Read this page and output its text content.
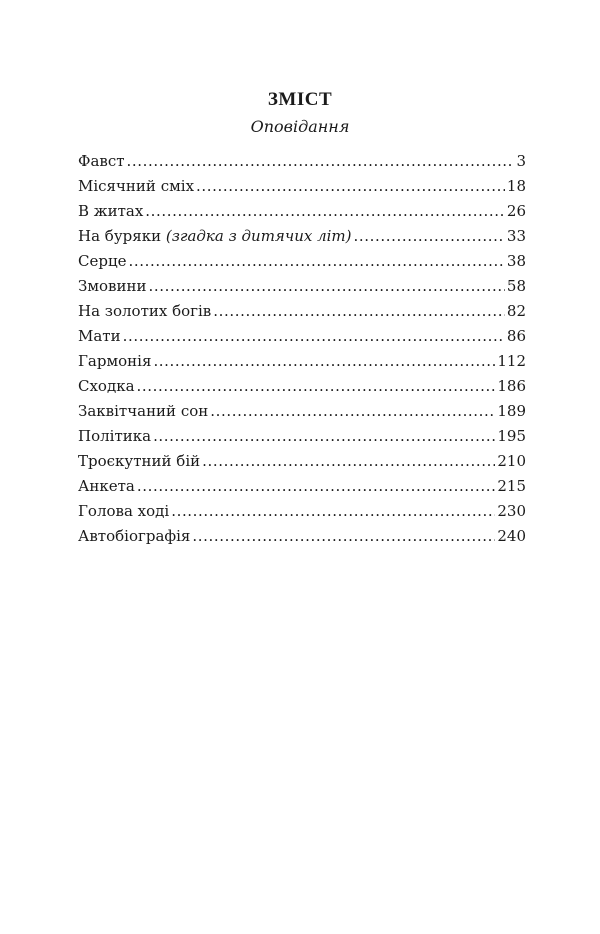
ЗМІСТ
Оповідання
Фавст .....	3
Місячний сміх .....	18
В житах .....	26
На буряки (згадка з дитячих літ) .....	33
Серце .....	38
Змовини .....	58
На золотих богів .....	82
Мати .....	86
Гармонія .....	112
Сходка .....	186
Заквітчаний сон .....	189
Політика .....	195
Троєкутний бій .....	210
Анкета .....	215
Голова ході .....	230
Автобіографія .....	240
